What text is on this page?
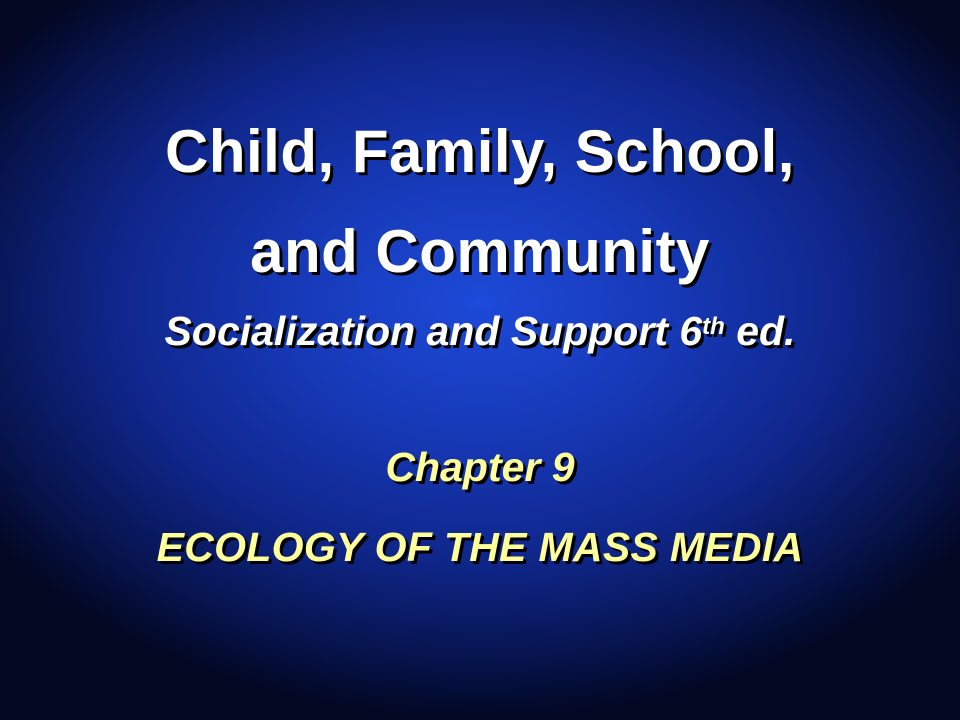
Child, Family, School,
and Community
Socialization and Support 6th ed.
Chapter 9
ECOLOGY OF THE MASS MEDIA
